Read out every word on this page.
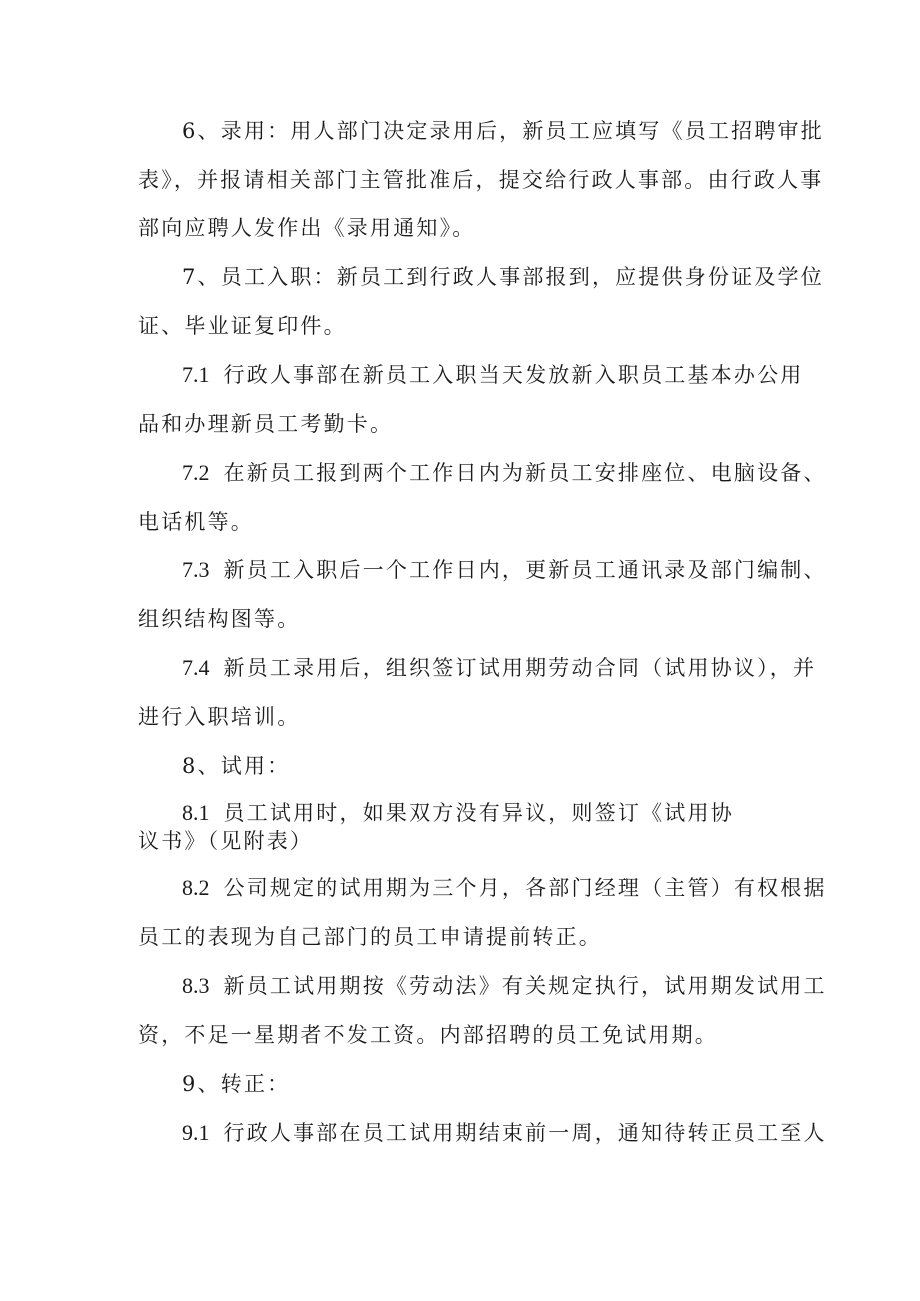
6、录用：用人部门决定录用后，新员工应填写《员工招聘审批
表》，并报请相关部门主管批准后，提交给行政人事部。由行政人事
部向应聘人发作出《录用通知》。
7、员工入职：新员工到行政人事部报到，应提供身份证及学位
证、毕业证复印件。
7.1 行政人事部在新员工入职当天发放新入职员工基本办公用
品和办理新员工考勤卡。
7.2 在新员工报到两个工作日内为新员工安排座位、电脑设备、
电话机等。
7.3 新员工入职后一个工作日内，更新员工通讯录及部门编制、
组织结构图等。
7.4 新员工录用后，组织签订试用期劳动合同（试用协议），并
进行入职培训。
8、试用：
8.1 员工试用时，如果双方没有异议，则签订《试用协
议书》（见附表）
8.2 公司规定的试用期为三个月，各部门经理（主管）有权根据
员工的表现为自己部门的员工申请提前转正。
8.3 新员工试用期按《劳动法》有关规定执行，试用期发试用工
资，不足一星期者不发工资。内部招聘的员工免试用期。
9、转正：
9.1 行政人事部在员工试用期结束前一周，通知待转正员工至人
